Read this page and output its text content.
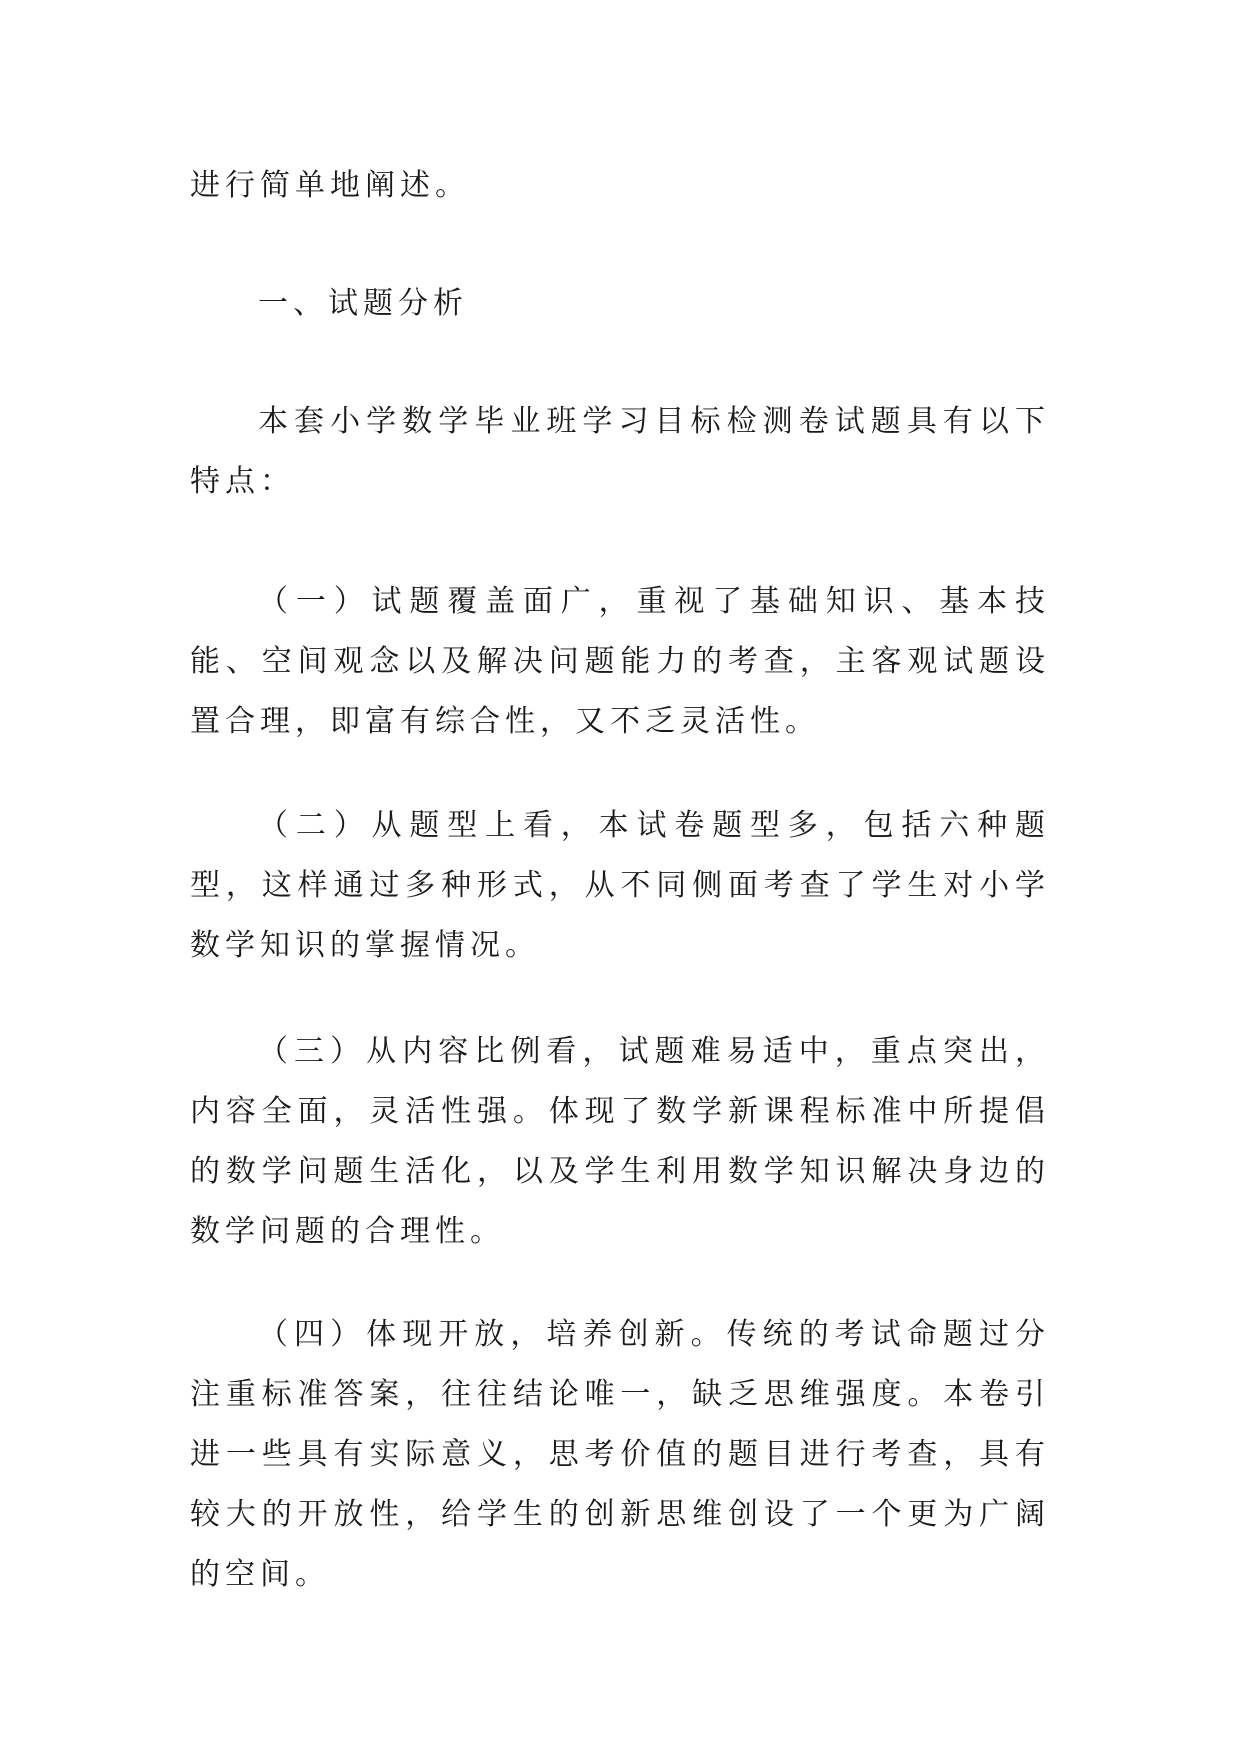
进行简单地阐述。

一、试题分析

本套小学数学毕业班学习目标检测卷试题具有以下特点：

（一）试题覆盖面广，重视了基础知识、基本技能、空间观念以及解决问题能力的考查，主客观试题设置合理，即富有综合性，又不乏灵活性。

（二）从题型上看，本试卷题型多，包括六种题型，这样通过多种形式，从不同侧面考查了学生对小学数学知识的掌握情况。

（三）从内容比例看，试题难易适中，重点突出，内容全面，灵活性强。体现了数学新课程标准中所提倡的数学问题生活化，以及学生利用数学知识解决身边的数学问题的合理性。

（四）体现开放，培养创新。传统的考试命题过分注重标准答案，往往结论唯一，缺乏思维强度。本卷引进一些具有实际意义，思考价值的题目进行考查，具有较大的开放性，给学生的创新思维创设了一个更为广阔的空间。
